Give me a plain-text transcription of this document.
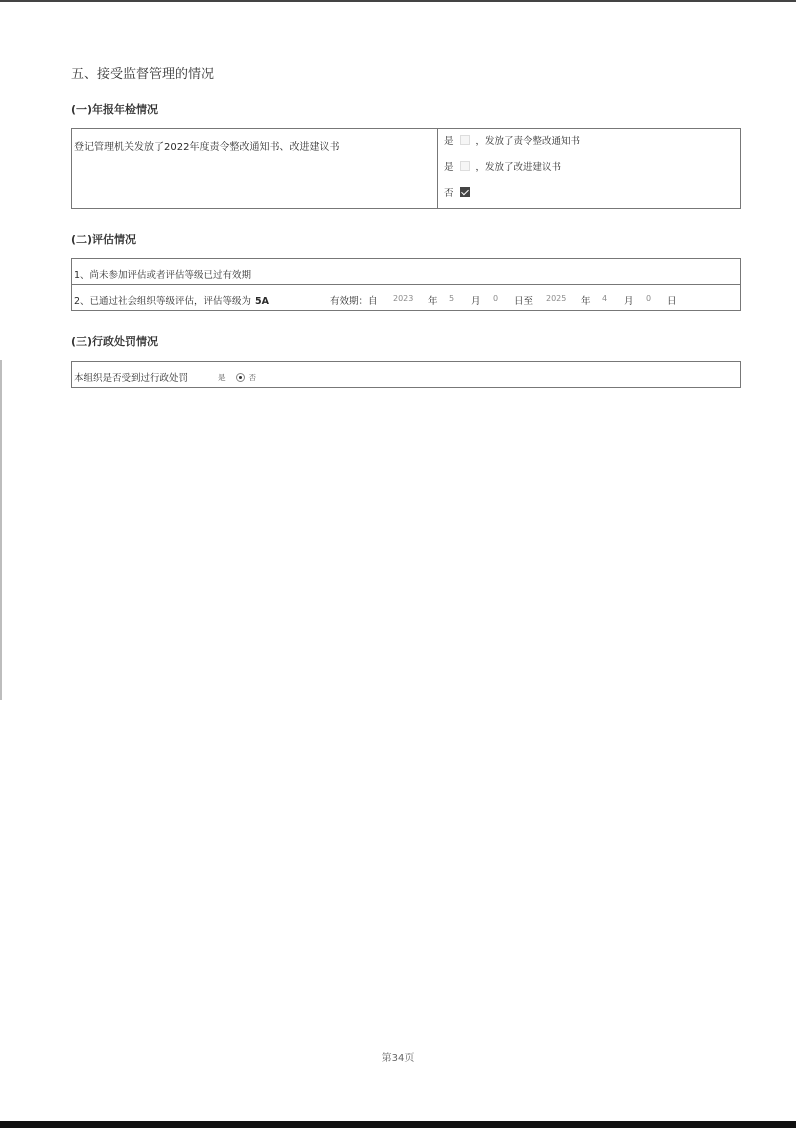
五、接受监督管理的情况
(一)年报年检情况
登记管理机关发放了2022年度责令整改通知书、改进建议书
是 ，发放了责令整改通知书
是 ，发放了改进建议书
否
(二)评估情况
1、尚未参加评估或者评估等级已过有效期
2、已通过社会组织等级评估，评估等级为 5A	有效期：自 2023 年 5 月 0 日至 2025 年 4 月 0 日
(三)行政处罚情况
本组织是否受到过行政处罚	是	否
第34页
